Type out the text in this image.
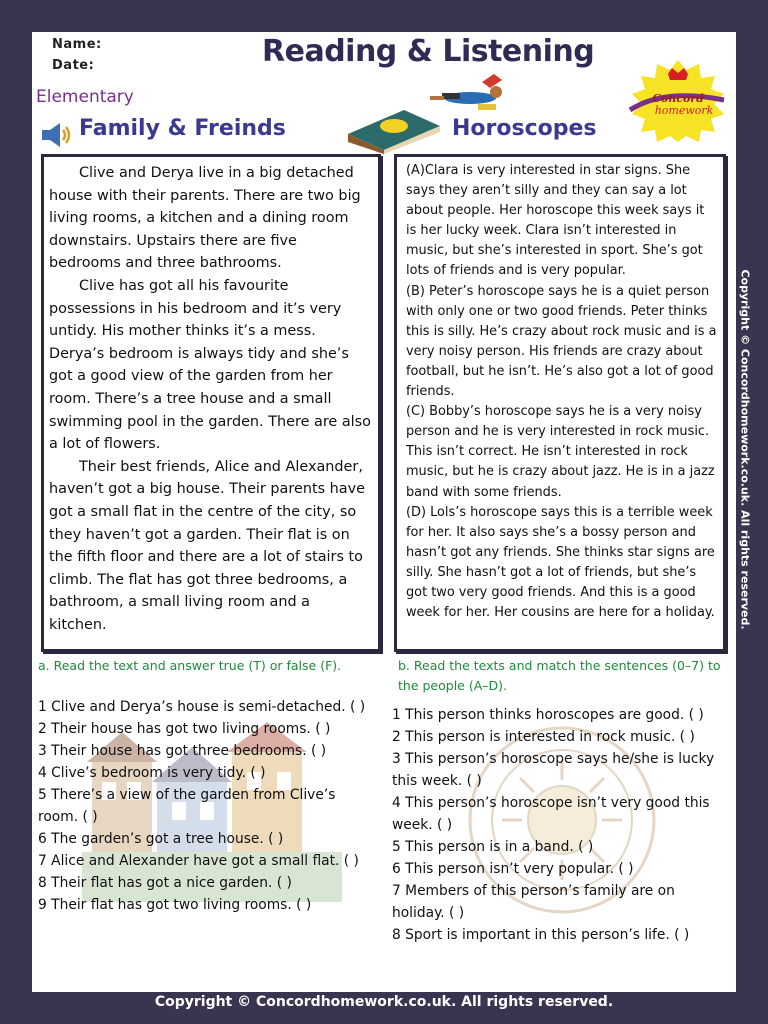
Name:
Date:	Reading & Listening
Concord
homework
Elementary
Family & Freinds	Horoscopes

Clive and Derya live in a big detached house with their parents. There are two big living rooms, a kitchen and a dining room downstairs. Upstairs there are five bedrooms and three bathrooms.

Clive has got all his favourite possessions in his bedroom and it’s very untidy. His mother thinks it’s a mess. Derya’s bedroom is always tidy and she’s got a good view of the garden from her room. There’s a tree house and a small swimming pool in the garden. There are also a lot of flowers.

Their best friends, Alice and Alexander, haven’t got a big house. Their parents have got a small flat in the centre of the city, so they haven’t got a garden. Their flat is on the fifth floor and there are a lot of stairs to climb. The flat has got three bedrooms, a bathroom, a small living room and a kitchen.

(A)Clara is very interested in star signs. She says they aren’t silly and they can say a lot about people. Her horoscope this week says it is her lucky week. Clara isn’t interested in music, but she’s interested in sport. She’s got lots of friends and is very popular.

(B) Peter’s horoscope says he is a quiet person with only one or two good friends. Peter thinks this is silly. He’s crazy about rock music and is a very noisy person. His friends are crazy about football, but he isn’t. He’s also got a lot of good friends.

(C) Bobby’s horoscope says he is a very noisy person and he is very interested in rock music. This isn’t correct. He isn’t interested in rock music, but he is crazy about jazz. He is in a jazz band with some friends.

(D) Lols’s horoscope says this is a terrible week for her. It also says she’s a bossy person and hasn’t got any friends. She thinks star signs are silly. She hasn’t got a lot of friends, but she’s got two very good friends. And this is a good week for her. Her cousins are here for a holiday.

a. Read the text and answer true (T) or false (F).
1 Clive and Derya’s house is semi-detached. ( )
2 Their house has got two living rooms. ( )
3 Their house has got three bedrooms. ( )
4 Clive’s bedroom is very tidy. ( )
5 There’s a view of the garden from Clive’s
room. ( )
6 The garden’s got a tree house. ( )
7 Alice and Alexander have got a small flat. ( )
8 Their flat has got a nice garden. ( )
9 Their flat has got two living rooms. ( )
b. Read the texts and match the sentences (0–7) to the people (A–D).
1 This person thinks horoscopes are good. ( )
2 This person is interested in rock music. ( )
3 This person’s horoscope says he/she is lucky this week. ( )
4 This person’s horoscope isn’t very good this week. ( )
5 This person is in a band. ( )
6 This person isn’t very popular. ( )
7 Members of this person’s family are on holiday. ( )
8 Sport is important in this person’s life. ( )
Copyright © Concordhomework.co.uk. All rights reserved.
Copyright © Concordhomework.co.uk. All rights reserved.
